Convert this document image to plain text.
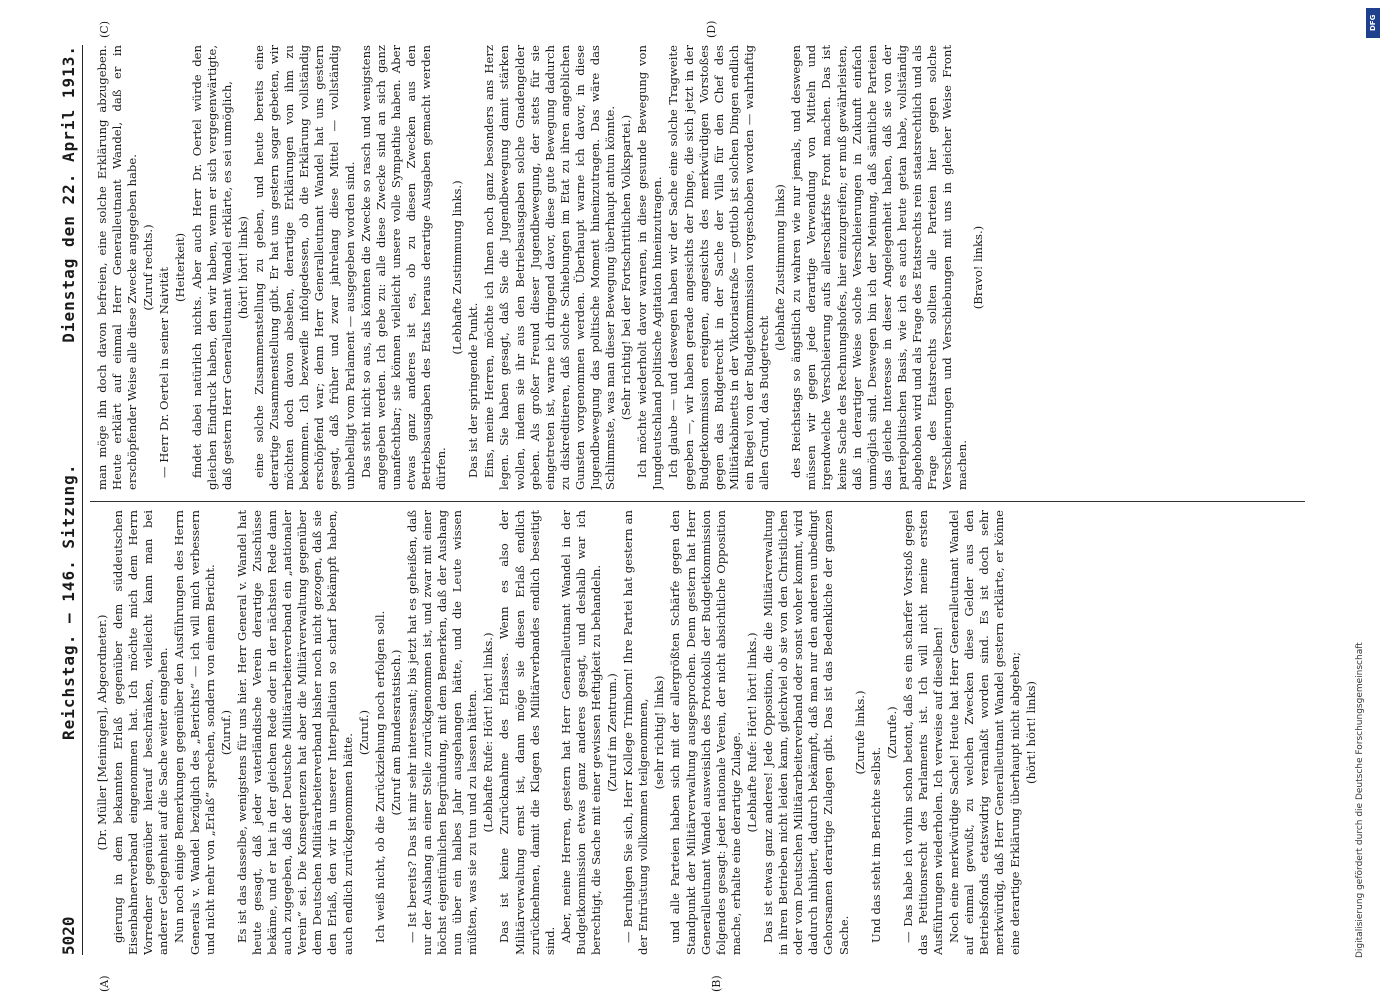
5020
Reichstag. — 146. Sitzung.
Dienstag den 22. April 1913.
(A)	(B)
(C)	(D)

(Dr. Müller [Meiningen], Abgeordneter.) gierung in dem bekannten Erlaß gegenüber dem süddeutschen Eisenbahnerverband eingenommen hat. Ich möchte mich dem Herrn Vorredner gegenüber hierauf beschränken, vielleicht kann man bei anderer Gelegenheit auf die Sache weiter eingehen. Nun noch einige Bemerkungen gegenüber den Ausführungen des Herrn Generals v. Wandel bezüglich des „Berichts“ — ich will mich verbessern und nicht mehr von „Erlaß“ sprechen, sondern von einem Bericht. (Zuruf.) Es ist das dasselbe, wenigstens für uns hier. Herr General v. Wandel hat heute gesagt, daß jeder vaterländische Verein derartige Zuschüsse bekäme, und er hat in der gleichen Rede oder in der nächsten Rede dann auch zugegeben, daß der Deutsche Militärarbeiterverband ein „nationaler Verein“ sei. Die Konsequenzen hat aber die Militärverwaltung gegenüber dem Deutschen Militärarbeiterverband bisher noch nicht gezogen, daß sie den Erlaß, den wir in unserer Interpellation so scharf bekämpft haben, auch endlich zurückgenommen hätte.

(Zuruf.) Ich weiß nicht, ob die Zurückziehung noch erfolgen soll. (Zuruf am Bundesratstisch.) — Ist bereits? Das ist mir sehr interessant; bis jetzt hat es geheißen, daß nur der Aushang an einer Stelle zurückgenommen ist, und zwar mit einer höchst eigentümlichen Begründung, mit dem Bemerken, daß der Aushang nun über ein halbes Jahr ausgehangen hätte, und die Leute wissen müßten, was sie zu tun und zu lassen hätten. (Lebhafte Rufe: Hört! hört! links.) Das ist keine Zurücknahme des Erlasses. Wenn es also der Militärverwaltung ernst ist, dann möge sie diesen Erlaß endlich zurücknehmen, damit die Klagen des Militärverbandes endlich beseitigt sind. Aber, meine Herren, gestern hat Herr Generalleutnant Wandel in der Budgetkommission etwas ganz anderes gesagt, und deshalb war ich berechtigt, die Sache mit einer gewissen Heftigkeit zu behandeln. (Zuruf im Zentrum.) — Beruhigen Sie sich, Herr Kollege Trimborn! Ihre Partei hat gestern an der Entrüstung vollkommen teilgenommen, (sehr richtig! links) und alle Parteien haben sich mit der allergrößten Schärfe gegen den Standpunkt der Militärverwaltung ausgesprochen. Denn gestern hat Herr Generalleutnant Wandel ausweislich des Protokolls der Budgetkommission folgendes gesagt: jeder nationale Verein, der nicht absichtliche Opposition mache, erhalte eine derartige Zulage. (Lebhafte Rufe: Hört! hört! links.) Das ist etwas ganz anderes! Jede Opposition, die die Militärverwaltung in ihren Betrieben nicht leiden kann, gleichviel ob sie von den Christlichen oder vom Deutschen Militärarbeiterverband oder sonst woher kommt, wird dadurch inhibiert, dadurch bekämpft, daß man nur den anderen unbedingt Gehorsamen derartige Zulagen gibt. Das ist das Bedenkliche der ganzen Sache.

(Zurufe links.)

Und das steht im Berichte selbst.

(Zurufe.) — Das habe ich vorhin schon betont, daß es ein scharfer Vorstoß gegen das Petitionsrecht des Parlaments ist. Ich will nicht meine ersten Ausführungen wiederholen. Ich verweise auf dieselben! Noch eine merkwürdige Sache! Heute hat Herr Generalleutnant Wandel auf einmal gewußt, zu welchen Zwecken diese Gelder aus den Betriebsfonds etatswidrig veranlaßt worden sind. Es ist doch sehr merkwürdig, daß Herr Generalleutnant Wandel gestern erklärte, er könne eine derartige Erklärung überhaupt nicht abgeben; (hört! hört! links)

man möge ihn doch davon befreien, eine solche Erklärung abzugeben. Heute erklärt auf einmal Herr Generalleutnant Wandel, daß er in erschöpfender Weise alle diese Zwecke angegeben habe. (Zuruf rechts.) — Herr Dr. Oertel in seiner Naivität (Heiterkeit) findet dabei natürlich nichts. Aber auch Herr Dr. Oertel würde den gleichen Eindruck haben, den wir haben, wenn er sich vergegenwärtigte, daß gestern Herr Generalleutnant Wandel erklärte, es sei unmöglich, (hört! hört! links) eine solche Zusammenstellung zu geben, und heute bereits eine derartige Zusammenstellung gibt. Er hat uns gestern sogar gebeten, wir möchten doch davon absehen, derartige Erklärungen von ihm zu bekommen. Ich bezweifle infolgedessen, ob die Erklärung vollständig erschöpfend war; denn Herr Generalleutnant Wandel hat uns gestern gesagt, daß früher und zwar jahrelang diese Mittel — vollständig unbehelligt vom Parlament — ausgegeben worden sind. Das steht nicht so aus, als könnten die Zwecke so rasch und wenigstens angegeben werden. Ich gebe zu: alle diese Zwecke sind an sich ganz unanfechtbar; sie können vielleicht unsere volle Sympathie haben. Aber etwas ganz anderes ist es, ob zu diesen Zwecken aus den Betriebsausgaben des Etats heraus derartige Ausgaben gemacht werden dürfen.

(Lebhafte Zustimmung links.)

Das ist der springende Punkt. Eins, meine Herren, möchte ich Ihnen noch ganz besonders ans Herz legen. Sie haben gesagt, daß Sie die Jugendbewegung damit stärken wollen, indem sie ihr aus den Betriebsausgaben solche Gnadengelder geben. Als großer Freund dieser Jugendbewegung, der stets für sie eingetreten ist, warne ich dringend davor, diese gute Bewegung dadurch zu diskreditieren, daß solche Schiebungen im Etat zu ihren angeblichen Gunsten vorgenommen werden. Überhaupt warne ich davor, in diese Jugendbewegung das politische Moment hineinzutragen. Das wäre das Schlimmste, was man dieser Bewegung überhaupt antun könnte. (Sehr richtig! bei der Fortschrittlichen Volkspartei.) Ich möchte wiederholt davor warnen, in diese gesunde Bewegung von Jungdeutschland politische Agitation hineinzutragen. Ich glaube — und deswegen haben wir der Sache eine solche Tragweite gegeben —, wir haben gerade angesichts der Dinge, die sich jetzt in der Budgetkommission ereignen, angesichts des merkwürdigen Vorstoßes gegen das Budgetrecht in der Sache der Villa für den Chef des Militärkabinetts in der Viktoriastraße — gottlob ist solchen Dingen endlich ein Riegel von der Budgetkommission vorgeschoben worden — wahrhaftig allen Grund, das Budgetrecht

(lebhafte Zustimmung links) des Reichstags so ängstlich zu wahren wie nur jemals, und deswegen müssen wir gegen jede derartige Verwendung von Mitteln und irgendwelche Verschleierung aufs allerschärfste Front machen. Das ist keine Sache des Rechnungshofes, hier einzugreifen; er muß gewährleisten, daß in derartiger Weise solche Verschleierungen in Zukunft einfach unmöglich sind. Deswegen bin ich der Meinung, daß sämtliche Parteien das gleiche Interesse in dieser Angelegenheit haben, daß sie von der parteipolitischen Basis, wie ich es auch heute getan habe, vollständig abgehoben wird und als Frage des Etatsrechts rein staatsrechtlich und als Frage des Etatsrechts sollten alle Parteien hier gegen solche Verschleierungen und Verschiebungen mit uns in gleicher Weise Front machen.

(Bravo! links.)

Digitalisierung gefördert durch die Deutsche Forschungsgemeinschaft
DFG
